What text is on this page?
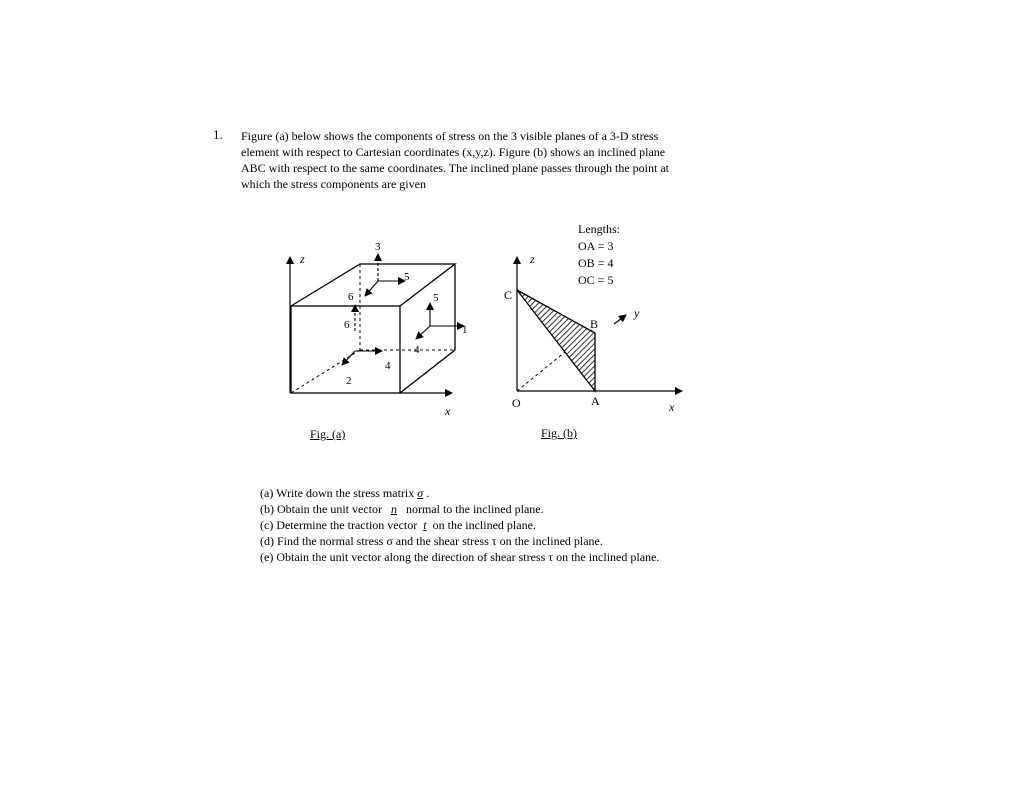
1. Figure (a) below shows the components of stress on the 3 visible planes of a 3-D stress
element with respect to Cartesian coordinates (x,y,z). Figure (b) shows an inclined plane
ABC with respect to the same coordinates. The inclined plane passes through the point at
which the stress components are given
z
x
3
5
6
1
5
4
6
4
2
Fig. (a)
z
x
y
C
B
O	A
Lengths:
OA = 3
OB = 4
OC = 5
Fig. (b)
(a) Write down the stress matrix σ .
(b) Obtain the unit vector n normal to the inclined plane.
(c) Determine the traction vector t on the inclined plane.
(d) Find the normal stress σ and the shear stress τ on the inclined plane.
(e) Obtain the unit vector along the direction of shear stress τ on the inclined plane.
